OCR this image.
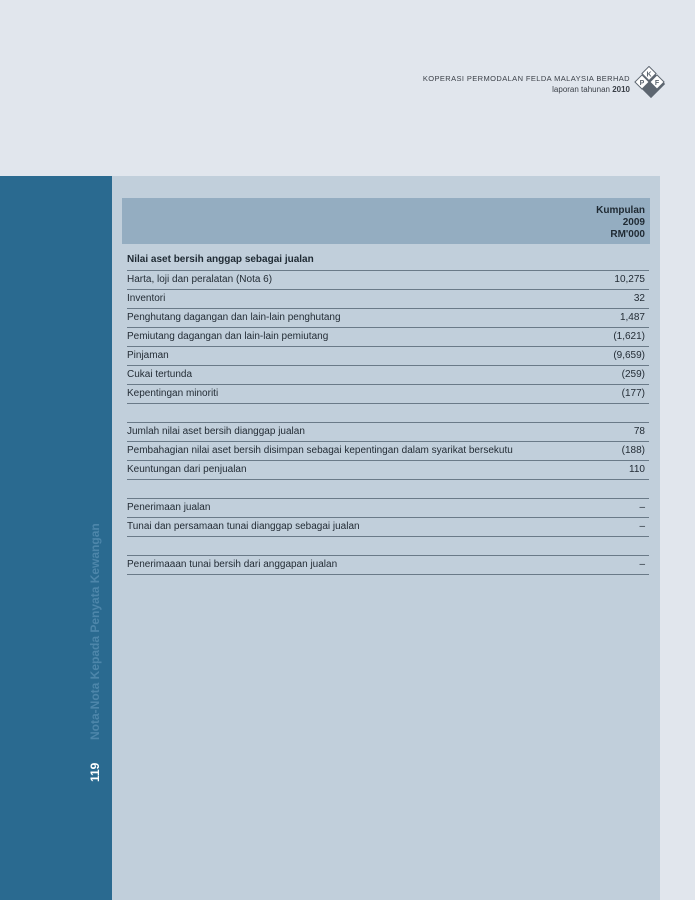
KOPERASI PERMODALAN FELDA MALAYSIA BERHAD
laporan tahunan 2010
K
P F
Nota-Nota Kepada Penyata Kewangan
119
Kumpulan
2009
RM'000
Nilai aset bersih anggap sebagai jualan
Harta, loji dan peralatan (Nota 6)	10,275
Inventori	32
Penghutang dagangan dan lain-lain penghutang	1,487
Pemiutang dagangan dan lain-lain pemiutang	(1,621)
Pinjaman	(9,659)
Cukai tertunda	(259)
Kepentingan minoriti	(177)
Jumlah nilai aset bersih dianggap jualan	78
Pembahagian nilai aset bersih disimpan sebagai kepentingan dalam syarikat bersekutu	(188)
Keuntungan dari penjualan	110
Penerimaan jualan	–
Tunai dan persamaan tunai dianggap sebagai jualan	–
Penerimaaan tunai bersih dari anggapan jualan	–
